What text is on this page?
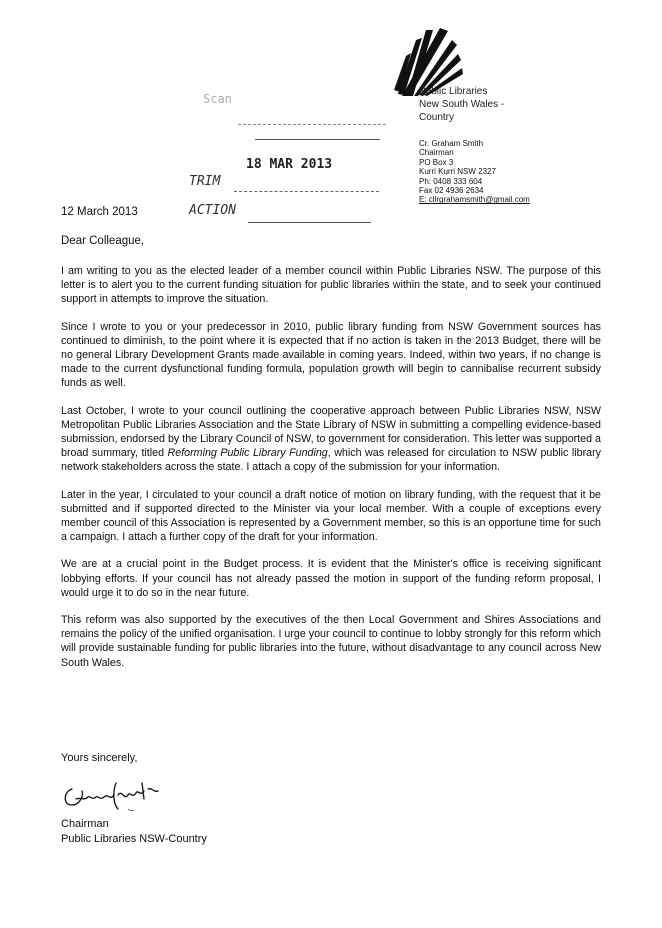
Public Libraries
New South Wales -
Country
Cr. Graham Smith
Chairman
PO Box 3
Kurri Kurri NSW 2327
Ph: 0408 333 604
Fax 02 4936 2634
E: cllrgrahamsmith@gmail.com
Scan
18 MAR 2013
TRIM
ACTION
12 March 2013
Dear Colleague,

I am writing to you as the elected leader of a member council within Public Libraries NSW. The purpose of this letter is to alert you to the current funding situation for public libraries within the state, and to seek your continued support in attempts to improve the situation.

Since I wrote to you or your predecessor in 2010, public library funding from NSW Government sources has continued to diminish, to the point where it is expected that if no action is taken in the 2013 Budget, there will be no general Library Development Grants made available in coming years. Indeed, within two years, if no change is made to the current dysfunctional funding formula, population growth will begin to cannibalise recurrent subsidy funds as well.

Last October, I wrote to your council outlining the cooperative approach between Public Libraries NSW, NSW Metropolitan Public Libraries Association and the State Library of NSW in submitting a compelling evidence-based submission, endorsed by the Library Council of NSW, to government for consideration. This letter was supported a broad summary, titled Reforming Public Library Funding, which was released for circulation to NSW public library network stakeholders across the state. I attach a copy of the submission for your information.

Later in the year, I circulated to your council a draft notice of motion on library funding, with the request that it be submitted and if supported directed to the Minister via your local member. With a couple of exceptions every member council of this Association is represented by a Government member, so this is an opportune time for such a campaign. I attach a further copy of the draft for your information.

We are at a crucial point in the Budget process. It is evident that the Minister's office is receiving significant lobbying efforts. If your council has not already passed the motion in support of the funding reform proposal, I would urge it to do so in the near future.

This reform was also supported by the executives of the then Local Government and Shires Associations and remains the policy of the unified organisation. I urge your council to continue to lobby strongly for this reform which will provide sustainable funding for public libraries into the future, without disadvantage to any council across New South Wales.

Yours sincerely,
Chairman
Public Libraries NSW-Country
